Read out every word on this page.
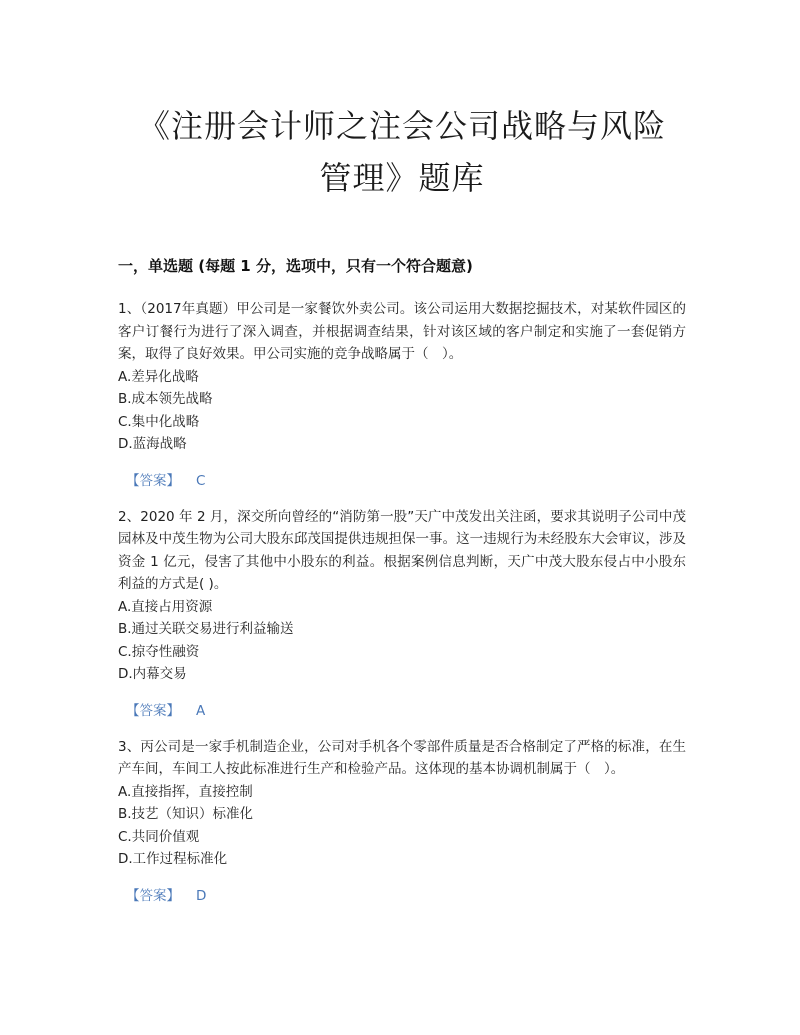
《注册会计师之注会公司战略与风险
管理》题库
一，单选题 (每题 1 分，选项中，只有一个符合题意)

1、（2017年真题）甲公司是一家餐饮外卖公司。该公司运用大数据挖掘技术，对某软件园区的客户订餐行为进行了深入调查，并根据调查结果，针对该区域的客户制定和实施了一套促销方案，取得了良好效果。甲公司实施的竞争战略属于（　）。

A.差异化战略
B.成本领先战略
C.集中化战略
D.蓝海战略
【答案】 C

2、2020 年 2 月，深交所向曾经的“消防第一股”天广中茂发出关注函，要求其说明子公司中茂园林及中茂生物为公司大股东邱茂国提供违规担保一事。这一违规行为未经股东大会审议，涉及资金 1 亿元，侵害了其他中小股东的利益。根据案例信息判断，天广中茂大股东侵占中小股东利益的方式是( )。

A.直接占用资源
B.通过关联交易进行利益输送
C.掠夺性融资
D.内幕交易
【答案】 A

3、丙公司是一家手机制造企业，公司对手机各个零部件质量是否合格制定了严格的标准，在生产车间，车间工人按此标准进行生产和检验产品。这体现的基本协调机制属于（　）。

A.直接指挥，直接控制
B.技艺（知识）标准化
C.共同价值观
D.工作过程标准化
【答案】 D
